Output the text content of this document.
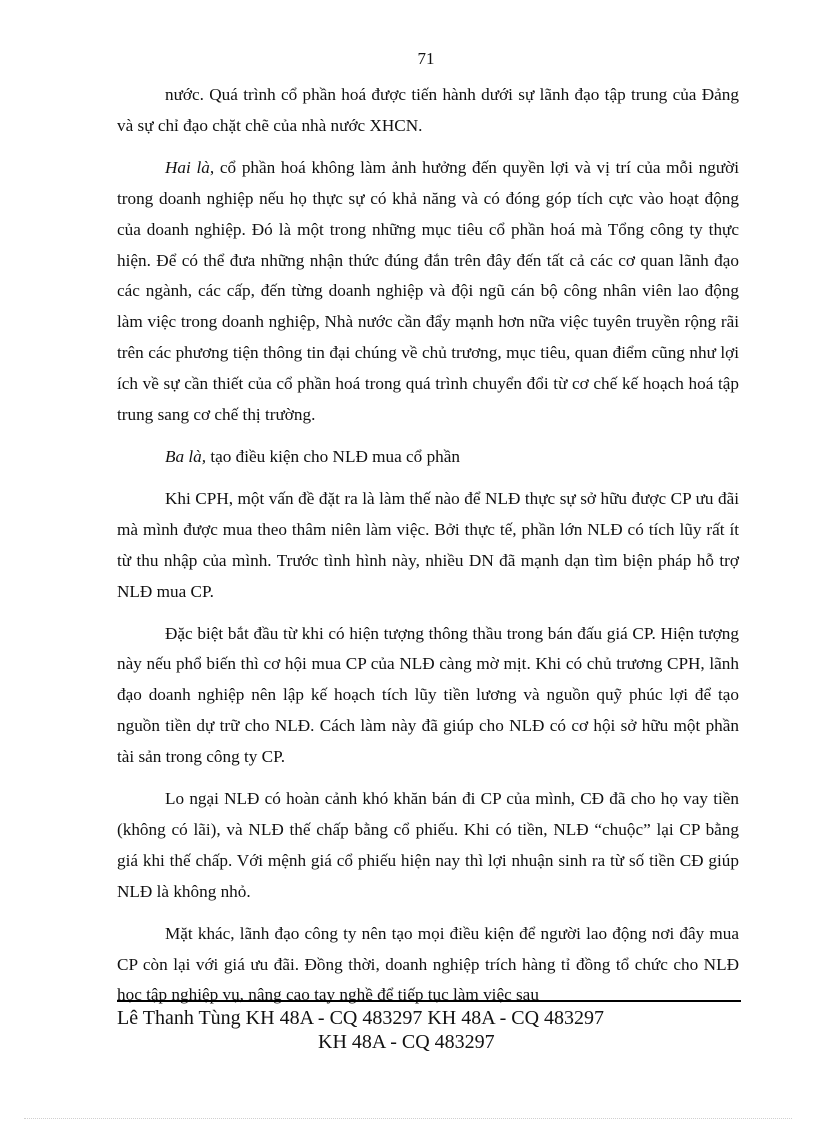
71

nước. Quá trình cổ phần hoá được tiến hành dưới sự lãnh đạo tập trung của Đảng và sự chỉ đạo chặt chẽ của nhà nước XHCN.

Hai là, cổ phần hoá không làm ảnh hưởng đến quyền lợi và vị trí của mỗi người trong doanh nghiệp nếu họ thực sự có khả năng và có đóng góp tích cực vào hoạt động của doanh nghiệp. Đó là một trong những mục tiêu cổ phần hoá mà Tổng công ty thực hiện. Để có thể đưa những nhận thức đúng đắn trên đây đến tất cả các cơ quan lãnh đạo các ngành, các cấp, đến từng doanh nghiệp và đội ngũ cán bộ công nhân viên lao động làm việc trong doanh nghiệp, Nhà nước cần đẩy mạnh hơn nữa việc tuyên truyền rộng rãi trên các phương tiện thông tin đại chúng về chủ trương, mục tiêu, quan điểm cũng như lợi ích về sự cần thiết của cổ phần hoá trong quá trình chuyển đổi từ cơ chế kế hoạch hoá tập trung sang cơ chế thị trường.

Ba là, tạo điều kiện cho NLĐ mua cổ phần

Khi CPH, một vấn đề đặt ra là làm thế nào để NLĐ thực sự sở hữu được CP ưu đãi mà mình được mua theo thâm niên làm việc. Bởi thực tế, phần lớn NLĐ có tích lũy rất ít từ thu nhập của mình. Trước tình hình này, nhiều DN đã mạnh dạn tìm biện pháp hỗ trợ NLĐ mua CP.

Đặc biệt bắt đầu từ khi có hiện tượng thông thầu trong bán đấu giá CP. Hiện tượng này nếu phổ biến thì cơ hội mua CP của NLĐ càng mờ mịt. Khi có chủ trương CPH, lãnh đạo doanh nghiệp nên lập kế hoạch tích lũy tiền lương và nguồn quỹ phúc lợi để tạo nguồn tiền dự trữ cho NLĐ. Cách làm này đã giúp cho NLĐ có cơ hội sở hữu một phần tài sản trong công ty CP.

Lo ngại NLĐ có hoàn cảnh khó khăn bán đi CP của mình, CĐ đã cho họ vay tiền (không có lãi), và NLĐ thế chấp bằng cổ phiếu. Khi có tiền, NLĐ “chuộc” lại CP bằng giá khi thế chấp. Với mệnh giá cổ phiếu hiện nay thì lợi nhuận sinh ra từ số tiền CĐ giúp NLĐ là không nhỏ.

Mặt khác, lãnh đạo công ty nên tạo mọi điều kiện để người lao động nơi đây mua CP còn lại với giá ưu đãi. Đồng thời, doanh nghiệp trích hàng tỉ đồng tổ chức cho NLĐ học tập nghiệp vụ, nâng cao tay nghề để tiếp tục làm việc sau

Lê Thanh Tùng KH 48A - CQ 483297 KH 48A - CQ 483297
KH 48A - CQ 483297
